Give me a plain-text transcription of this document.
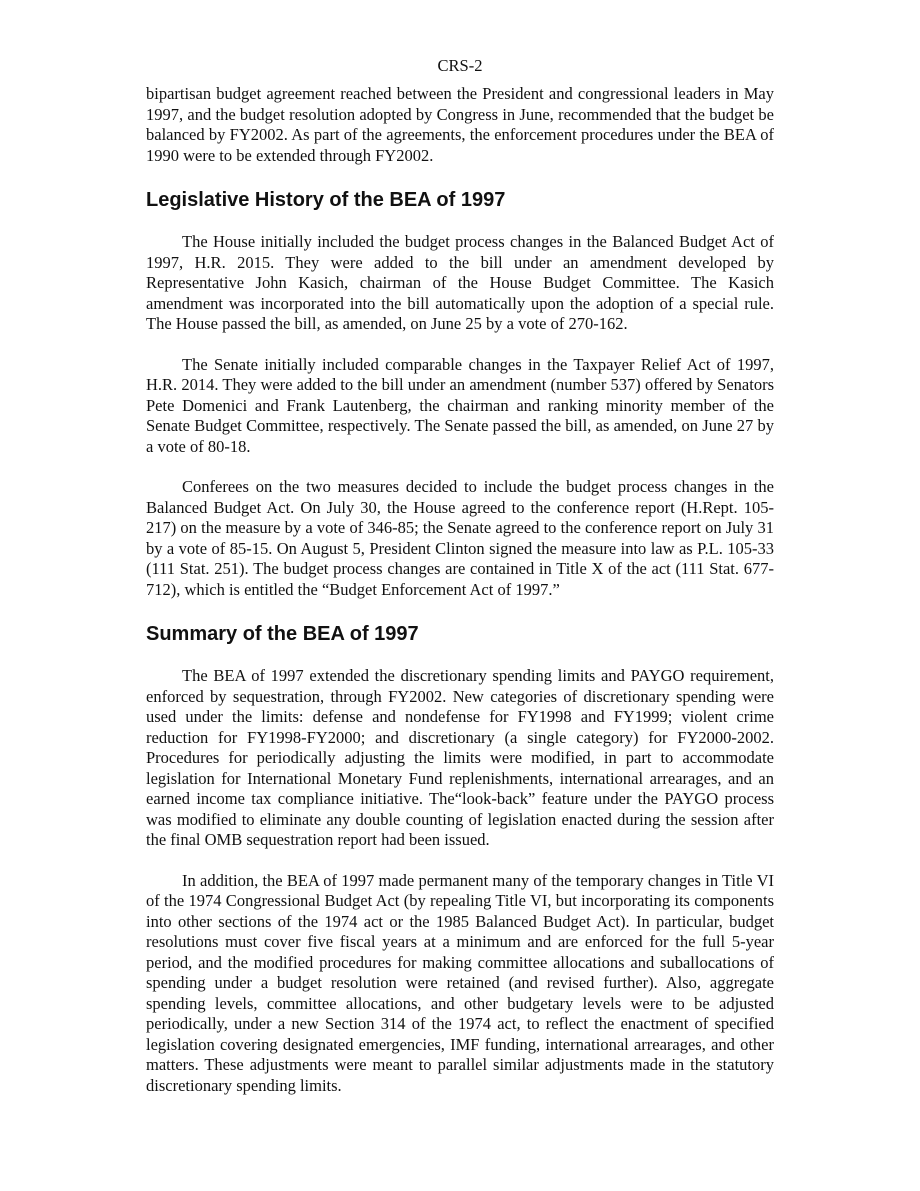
CRS-2

bipartisan budget agreement reached between the President and congressional leaders in May 1997, and the budget resolution adopted by Congress in June, recommended that the budget be balanced by FY2002. As part of the agreements, the enforcement procedures under the BEA of 1990 were to be extended through FY2002.

Legislative History of the BEA of 1997

The House initially included the budget process changes in the Balanced Budget Act of 1997, H.R. 2015. They were added to the bill under an amendment developed by Representative John Kasich, chairman of the House Budget Committee. The Kasich amendment was incorporated into the bill automatically upon the adoption of a special rule. The House passed the bill, as amended, on June 25 by a vote of 270-162.

The Senate initially included comparable changes in the Taxpayer Relief Act of 1997, H.R. 2014. They were added to the bill under an amendment (number 537) offered by Senators Pete Domenici and Frank Lautenberg, the chairman and ranking minority member of the Senate Budget Committee, respectively. The Senate passed the bill, as amended, on June 27 by a vote of 80-18.

Conferees on the two measures decided to include the budget process changes in the Balanced Budget Act. On July 30, the House agreed to the conference report (H.Rept. 105-217) on the measure by a vote of 346-85; the Senate agreed to the conference report on July 31 by a vote of 85-15. On August 5, President Clinton signed the measure into law as P.L. 105-33 (111 Stat. 251). The budget process changes are contained in Title X of the act (111 Stat. 677-712), which is entitled the “Budget Enforcement Act of 1997.”

Summary of the BEA of 1997

The BEA of 1997 extended the discretionary spending limits and PAYGO requirement, enforced by sequestration, through FY2002. New categories of discretionary spending were used under the limits: defense and nondefense for FY1998 and FY1999; violent crime reduction for FY1998-FY2000; and discretionary (a single category) for FY2000-2002. Procedures for periodically adjusting the limits were modified, in part to accommodate legislation for International Monetary Fund replenishments, international arrearages, and an earned income tax compliance initiative. The“look-back” feature under the PAYGO process was modified to eliminate any double counting of legislation enacted during the session after the final OMB sequestration report had been issued.

In addition, the BEA of 1997 made permanent many of the temporary changes in Title VI of the 1974 Congressional Budget Act (by repealing Title VI, but incorporating its components into other sections of the 1974 act or the 1985 Balanced Budget Act). In particular, budget resolutions must cover five fiscal years at a minimum and are enforced for the full 5-year period, and the modified procedures for making committee allocations and suballocations of spending under a budget resolution were retained (and revised further). Also, aggregate spending levels, committee allocations, and other budgetary levels were to be adjusted periodically, under a new Section 314 of the 1974 act, to reflect the enactment of specified legislation covering designated emergencies, IMF funding, international arrearages, and other matters. These adjustments were meant to parallel similar adjustments made in the statutory discretionary spending limits.
